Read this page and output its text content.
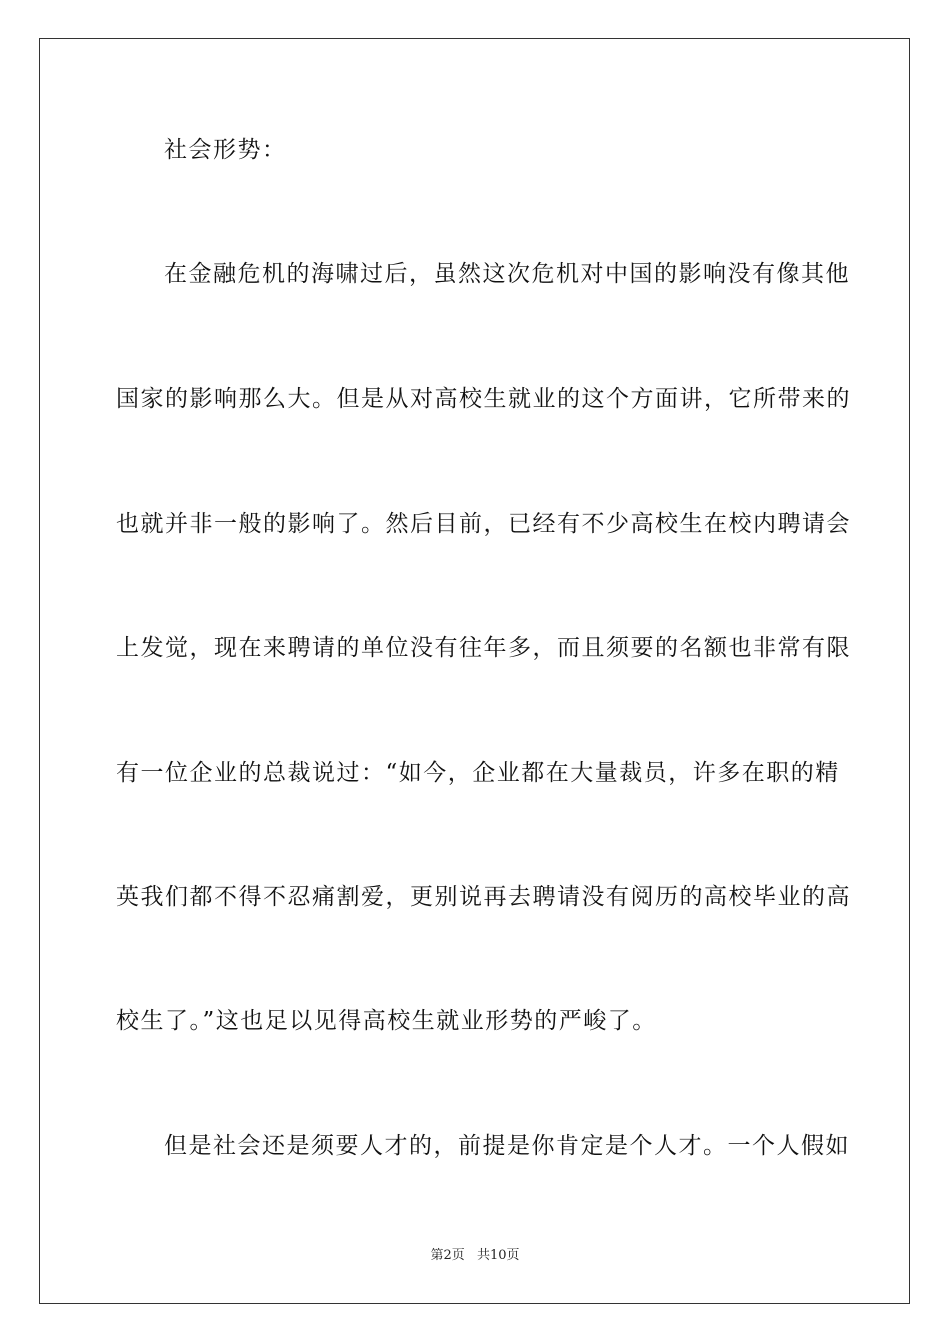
社会形势：
在金融危机的海啸过后，虽然这次危机对中国的影响没有像其他
国家的影响那么大。但是从对高校生就业的这个方面讲，它所带来的
也就并非一般的影响了。然后目前，已经有不少高校生在校内聘请会
上发觉，现在来聘请的单位没有往年多，而且须要的名额也非常有限
有一位企业的总裁说过：“如今，企业都在大量裁员，许多在职的精
英我们都不得不忍痛割爱，更别说再去聘请没有阅历的高校毕业的高
校生了。”这也足以见得高校生就业形势的严峻了。
但是社会还是须要人才的，前提是你肯定是个人才。一个人假如
第2页 共10页
